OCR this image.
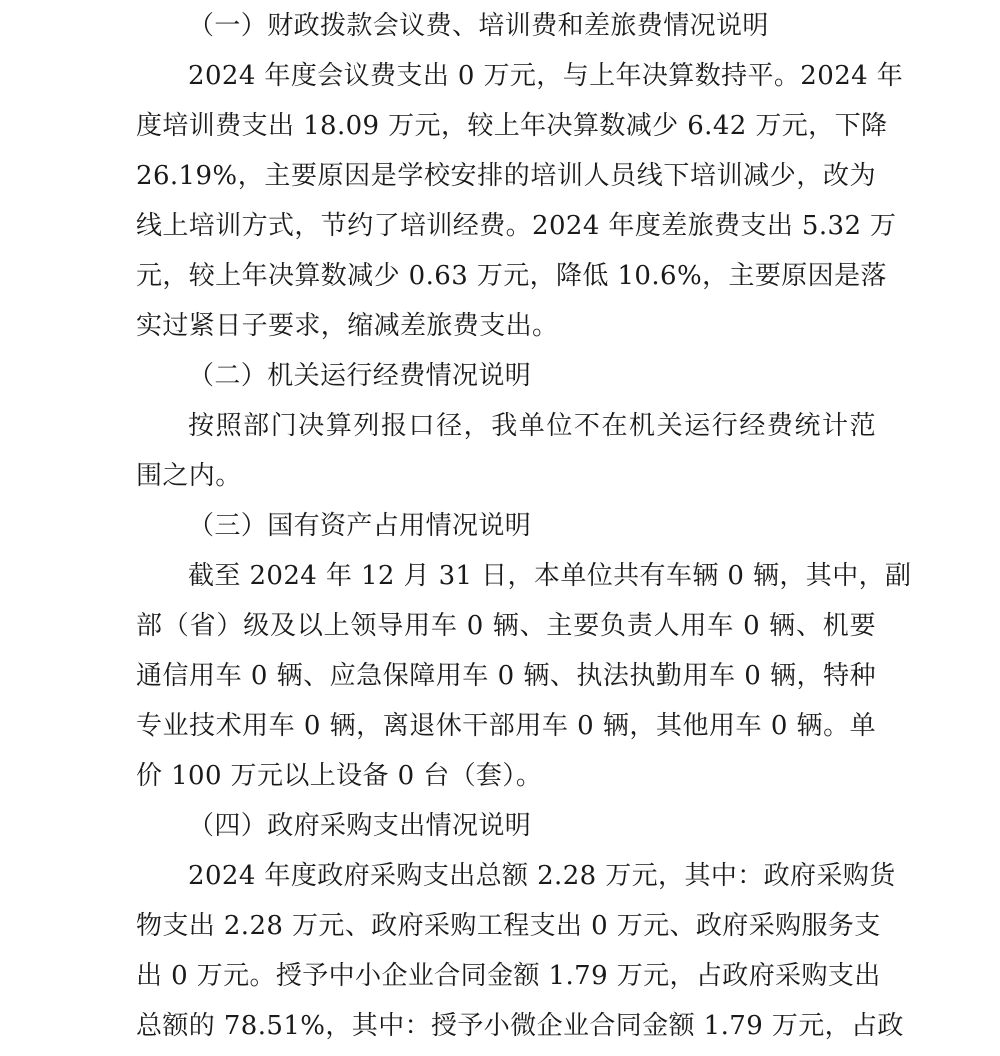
（一）财政拨款会议费、培训费和差旅费情况说明
2024 年度会议费支出 0 万元，与上年决算数持平。2024 年
度培训费支出 18.09 万元，较上年决算数减少 6.42 万元，下降
26.19%，主要原因是学校安排的培训人员线下培训减少，改为
线上培训方式，节约了培训经费。2024 年度差旅费支出 5.32 万
元，较上年决算数减少 0.63 万元，降低 10.6%，主要原因是落
实过紧日子要求，缩减差旅费支出。
（二）机关运行经费情况说明
按照部门决算列报口径，我单位不在机关运行经费统计范
围之内。
（三）国有资产占用情况说明
截至 2024 年 12 月 31 日，本单位共有车辆 0 辆，其中，副
部（省）级及以上领导用车 0 辆、主要负责人用车 0 辆、机要
通信用车 0 辆、应急保障用车 0 辆、执法执勤用车 0 辆，特种
专业技术用车 0 辆，离退休干部用车 0 辆，其他用车 0 辆。单
价 100 万元以上设备 0 台（套）。
（四）政府采购支出情况说明
2024 年度政府采购支出总额 2.28 万元，其中：政府采购货
物支出 2.28 万元、政府采购工程支出 0 万元、政府采购服务支
出 0 万元。授予中小企业合同金额 1.79 万元，占政府采购支出
总额的 78.51%，其中：授予小微企业合同金额 1.79 万元，占政
